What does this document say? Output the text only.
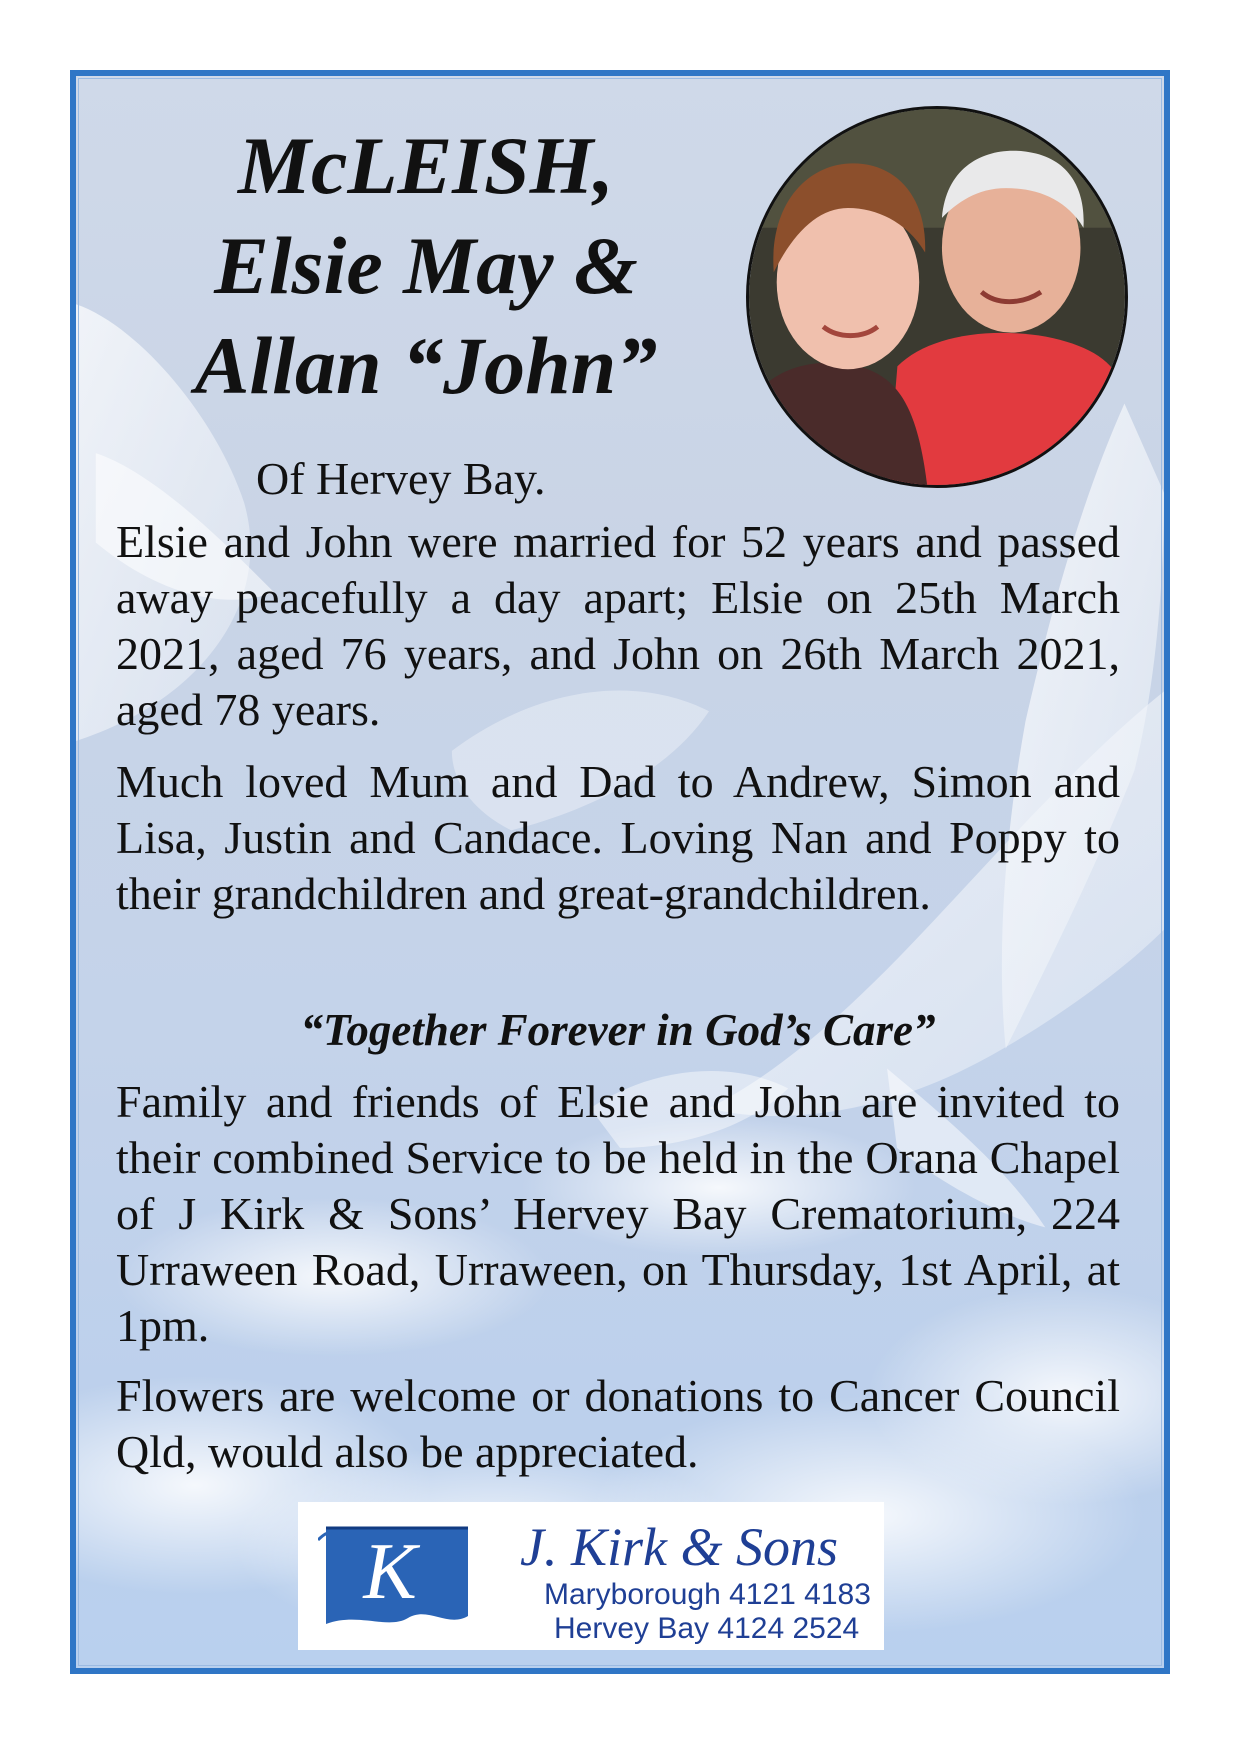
McLEISH,
Elsie May &
Allan “John”
Of Hervey Bay.

Elsie and John were married for 52 years and passed away peacefully a day apart; Elsie on 25th March 2021, aged 76 years, and John on 26th March 2021, aged 78 years.

Much loved Mum and Dad to Andrew, Simon and Lisa, Justin and Candace. Loving Nan and Poppy to their grandchildren and great-grandchildren.

“Together Forever in God’s Care”

Family and friends of Elsie and John are invited to their combined Service to be held in the Orana Chapel of J Kirk & Sons’ Hervey Bay Crematorium, 224 Urraween Road, Urraween, on Thursday, 1st April, at 1pm.

Flowers are welcome or donations to Cancer Council Qld, would also be appreciated.

K J. Kirk & Sons
Maryborough 4121 4183
Hervey Bay 4124 2524
